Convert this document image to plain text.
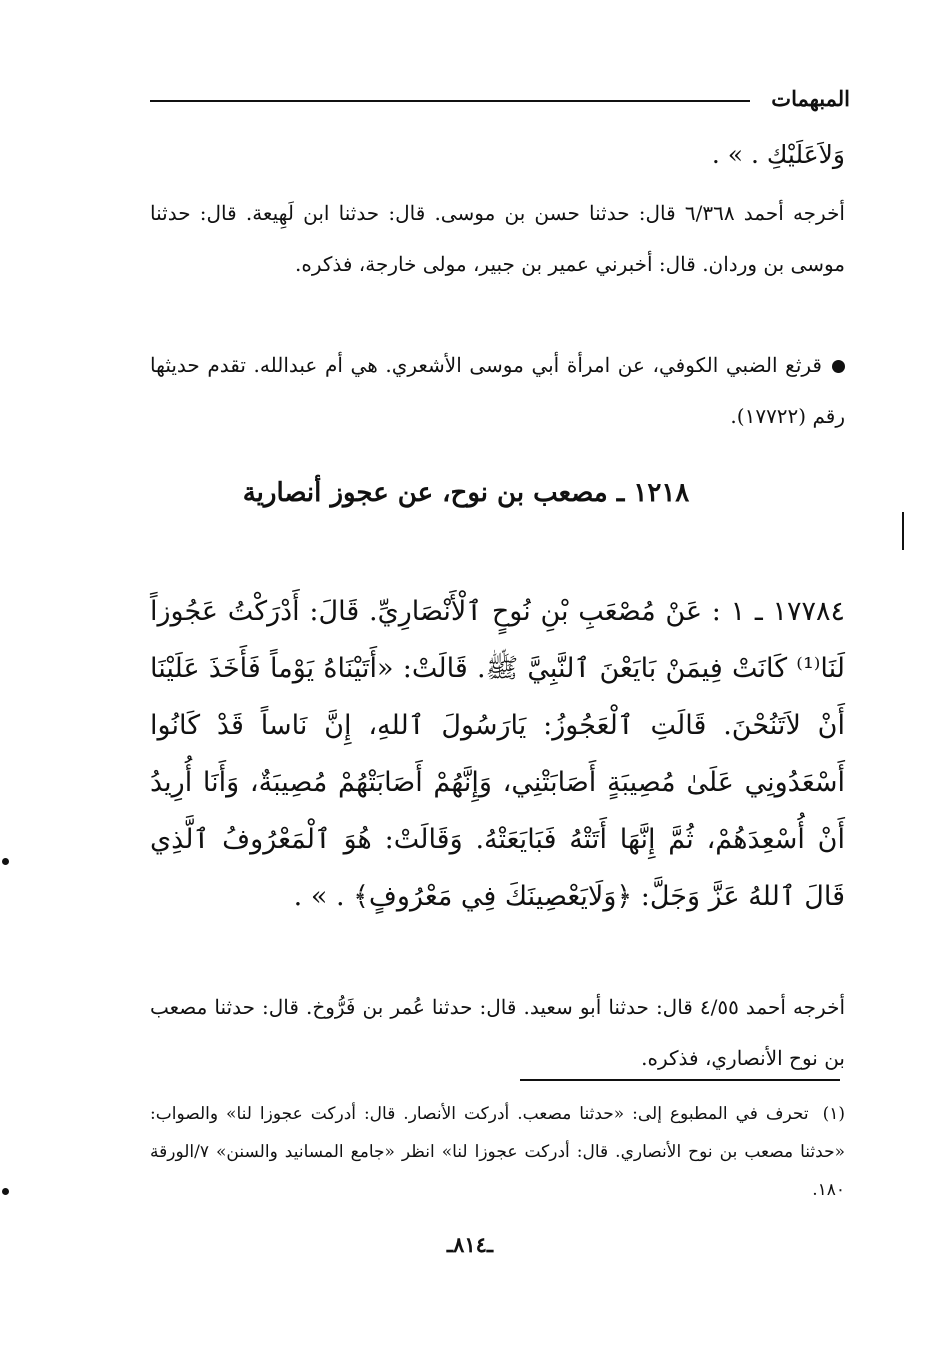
المبهمات
وَلاَعَلَيْكِ . » .
أخرجه أحمد ٦/٣٦٨ قال: حدثنا حسن بن موسى. قال: حدثنا ابن لَهِيعة. قال: حدثنا موسى بن وردان. قال: أخبرني عمير بن جبير، مولى خارجة، فذكره.
قرثع الضبي الكوفي، عن امرأة أبي موسى الأشعري. هي أم عبدالله. تقدم حديثها رقم (١٧٧٢٢).
١٢١٨ ـ مصعب بن نوح، عن عجوز أنصارية
١٧٧٨٤ ـ ١ : عَنْ مُصْعَبِ بْنِ نُوحٍ ٱلْأَنْصَارِيِّ. قَالَ: أَدْرَكْتُ عَجُوزاً لَنَا⁽¹⁾ كَانَتْ فِيمَنْ بَايَعْنَ ٱلنَّبِيَّ ﷺ. قَالَتْ: «أَتَيْنَاهُ يَوْماً فَأَخَذَ عَلَيْنَا أَنْ لاَتَنُحْنَ. قَالَتِ ٱلْعَجُوزُ: يَارَسُولَ ٱللهِ، إِنَّ نَاساً قَدْ كَانُوا أَسْعَدُونِي عَلَىٰ مُصِيبَةٍ أَصَابَتْنِي، وَإِنَّهُمْ أَصَابَتْهُمْ مُصِيبَةٌ، وَأَنَا أُرِيدُ أَنْ أُسْعِدَهُمْ، ثُمَّ إِنَّهَا أَتَتْهُ فَبَايَعَتْهُ. وَقَالَتْ: هُوَ ٱلْمَعْرُوفُ ٱلَّذِي قَالَ ٱللهُ عَزَّ وَجَلَّ: ﴿وَلَايَعْصِينَكَ فِي مَعْرُوفٍ﴾ . » .
أخرجه أحمد ٤/٥٥ قال: حدثنا أبو سعيد. قال: حدثنا عُمر بن فَرُّوخ. قال: حدثنا مصعب بن نوح الأنصاري، فذكره.
(١)تحرف في المطبوع إلى: «حدثنا مصعب. أدركت الأنصار. قال: أدركت عجوزا لنا» والصواب: «حدثنا مصعب بن نوح الأنصاري. قال: أدركت عجوزا لنا» انظر «جامع المسانيد والسنن» ٧/الورقة ١٨٠.
ـ٨١٤ـ
